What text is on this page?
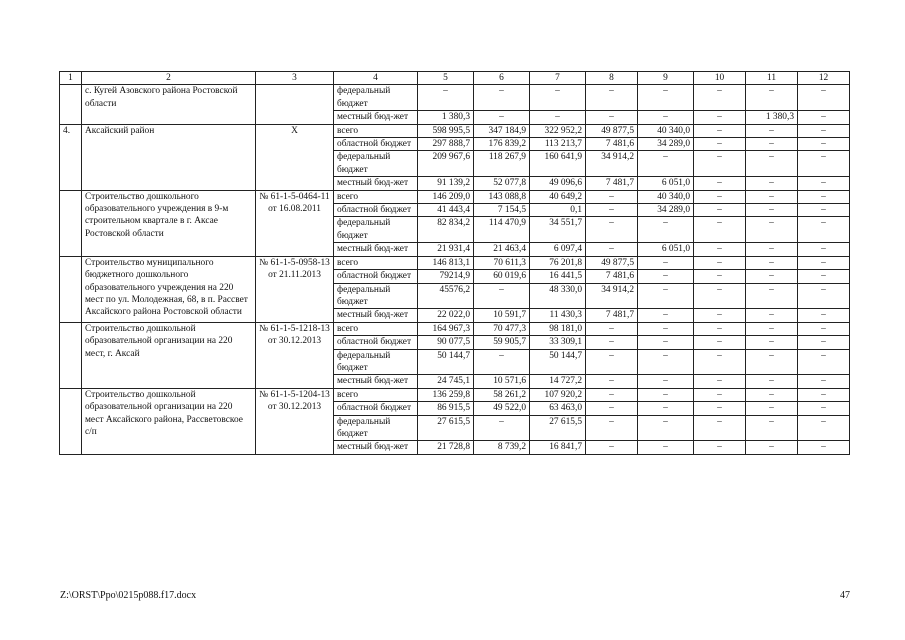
1	2	3	4	5	6	7	8	9	10	11	12
	с. Кугей Азовского района Ростовской области		федеральный бюджет	–	–	–	–	–	–	–	–
			местный бюд-жет	1 380,3	–	–	–	–	–	1 380,3	–
4.	Аксайский район	Х	всего	598 995,5	347 184,9	322 952,2	49 877,5	40 340,0	–	–	–
			областной бюджет	297 888,7	176 839,2	113 213,7	7 481,6	34 289,0	–	–	–
			федеральный бюджет	209 967,6	118 267,9	160 641,9	34 914,2	–	–	–	–
			местный бюд-жет	91 139,2	52 077,8	49 096,6	7 481,7	6 051,0	–	–	–
	Строительство дошкольного образовательного учреждения в 9-м строительном квартале в г. Аксае Ростовской области	№ 61-1-5-0464-11 от 16.08.2011	всего	146 209,0	143 088,8	40 649,2	–	40 340,0	–	–	–
			областной бюджет	41 443,4	7 154,5	0,1	–	34 289,0	–	–	–
			федеральный бюджет	82 834,2	114 470,9	34 551,7	–	–	–	–	–
			местный бюд-жет	21 931,4	21 463,4	6 097,4	–	6 051,0	–	–	–
	Строительство муниципального бюджетного дошкольного образовательного учреждения на 220 мест по ул. Молодежная, 68, в п. Рассвет Аксайского района Ростовской области	№ 61-1-5-0958-13 от 21.11.2013	всего	146 813,1	70 611,3	76 201,8	49 877,5	–	–	–	–
			областной бюджет	79214,9	60 019,6	16 441,5	7 481,6	–	–	–	–
			федеральный бюджет	45576,2	–	48 330,0	34 914,2	–	–	–	–
			местный бюд-жет	22 022,0	10 591,7	11 430,3	7 481,7	–	–	–	–
	Строительство дошкольной образовательной организации на 220 мест, г. Аксай	№ 61-1-5-1218-13 от 30.12.2013	всего	164 967,3	70 477,3	98 181,0	–	–	–	–	–
			областной бюджет	90 077,5	59 905,7	33 309,1	–	–	–	–	–
			федеральный бюджет	50 144,7	–	50 144,7	–	–	–	–	–
			местный бюд-жет	24 745,1	10 571,6	14 727,2	–	–	–	–	–
	Строительство дошкольной образовательной организации на 220 мест Аксайского района, Рассветовское с/п	№ 61-1-5-1204-13 от 30.12.2013	всего	136 259,8	58 261,2	107 920,2	–	–	–	–	–
			областной бюджет	86 915,5	49 522,0	63 463,0	–	–	–	–	–
			федеральный бюджет	27 615,5	–	27 615,5	–	–	–	–	–
			местный бюд-жет	21 728,8	8 739,2	16 841,7	–	–	–	–	–
Z:\ORST\Ppo\0215p088.f17.docx	47
